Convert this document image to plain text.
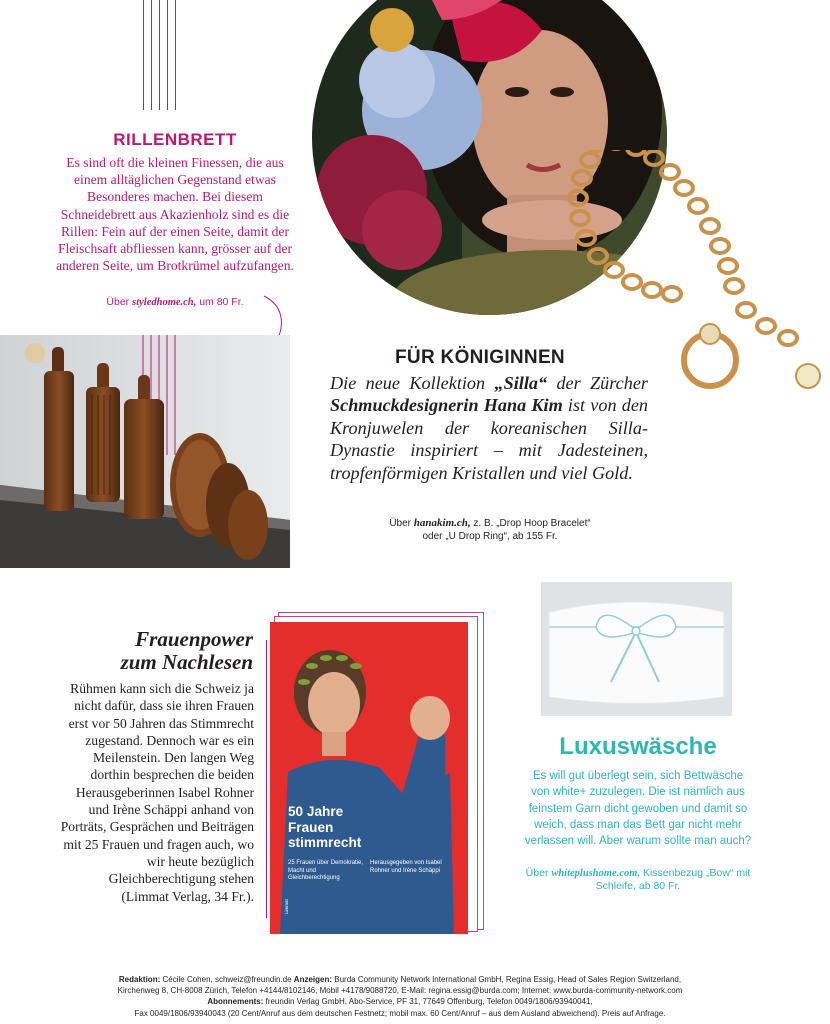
RILLENBRETT

Es sind oft die kleinen Finessen, die aus einem alltäglichen Gegenstand etwas Besonderes machen. Bei diesem Schneidebrett aus Akazienholz sind es die Rillen: Fein auf der einen Seite, damit der Fleischsaft abfliessen kann, grösser auf der anderen Seite, um Brotkrümel aufzufangen.

Über styledhome.ch, um 80 Fr.

FÜR KÖNIGINNEN

Die neue Kollektion „Silla“ der Zürcher Schmuckdesignerin Hana Kim ist von den Kronjuwelen der koreanischen Silla-Dynastie inspiriert – mit Jadesteinen, tropfenförmigen Kristallen und viel Gold.

Über hanakim.ch, z. B. „Drop Hoop Bracelet“
oder „U Drop Ring“, ab 155 Fr.

Frauenpower
zum Nachlesen

Rühmen kann sich die Schweiz ja nicht dafür, dass sie ihren Frauen erst vor 50 Jahren das Stimmrecht zugestand. Dennoch war es ein Meilenstein. Den langen Weg dorthin besprechen die beiden Herausgeberinnen Isabel Rohner und Irène Schäppi anhand von Porträts, Gesprächen und Beiträgen mit 25 Frauen und fragen auch, wo wir heute bezüglich Gleichberechtigung stehen (Limmat Verlag, 34 Fr.).

50 Jahre
Frauen
stimmrecht
25 Frauen über Demokratie, Macht und Gleichberechtigung
Herausgegeben von Isabel Rohner und Irène Schäppi
Limmat
Luxuswäsche

Es will gut überlegt sein, sich Bettwäsche von white+ zuzulegen. Die ist nämlich aus feinstem Garn dicht gewoben und damit so weich, dass man das Bett gar nicht mehr verlassen will. Aber warum sollte man auch?

Über whiteplushome.com, Kissenbezug „Bow“ mit Schleife, ab 80 Fr.

Redaktion: Cécile Cohen, schweiz@freundin.de Anzeigen: Burda Community Network International GmbH, Regina Essig, Head of Sales Region Switzerland,
Kirchenweg 8, CH-8008 Zürich, Telefon +4144/8102146, Mobil +4178/9088720, E-Mail: regina.essig@burda.com; Internet: www.burda-community-network.com
Abonnements: freundin Verlag GmbH, Abo-Service, PF 31, 77649 Offenburg, Telefon 0049/1806/93940041,
Fax 0049/1806/93940043 (20 Cent/Anruf aus dem deutschen Festnetz; mobil max. 60 Cent/Anruf – aus dem Ausland abweichend). Preis auf Anfrage.
